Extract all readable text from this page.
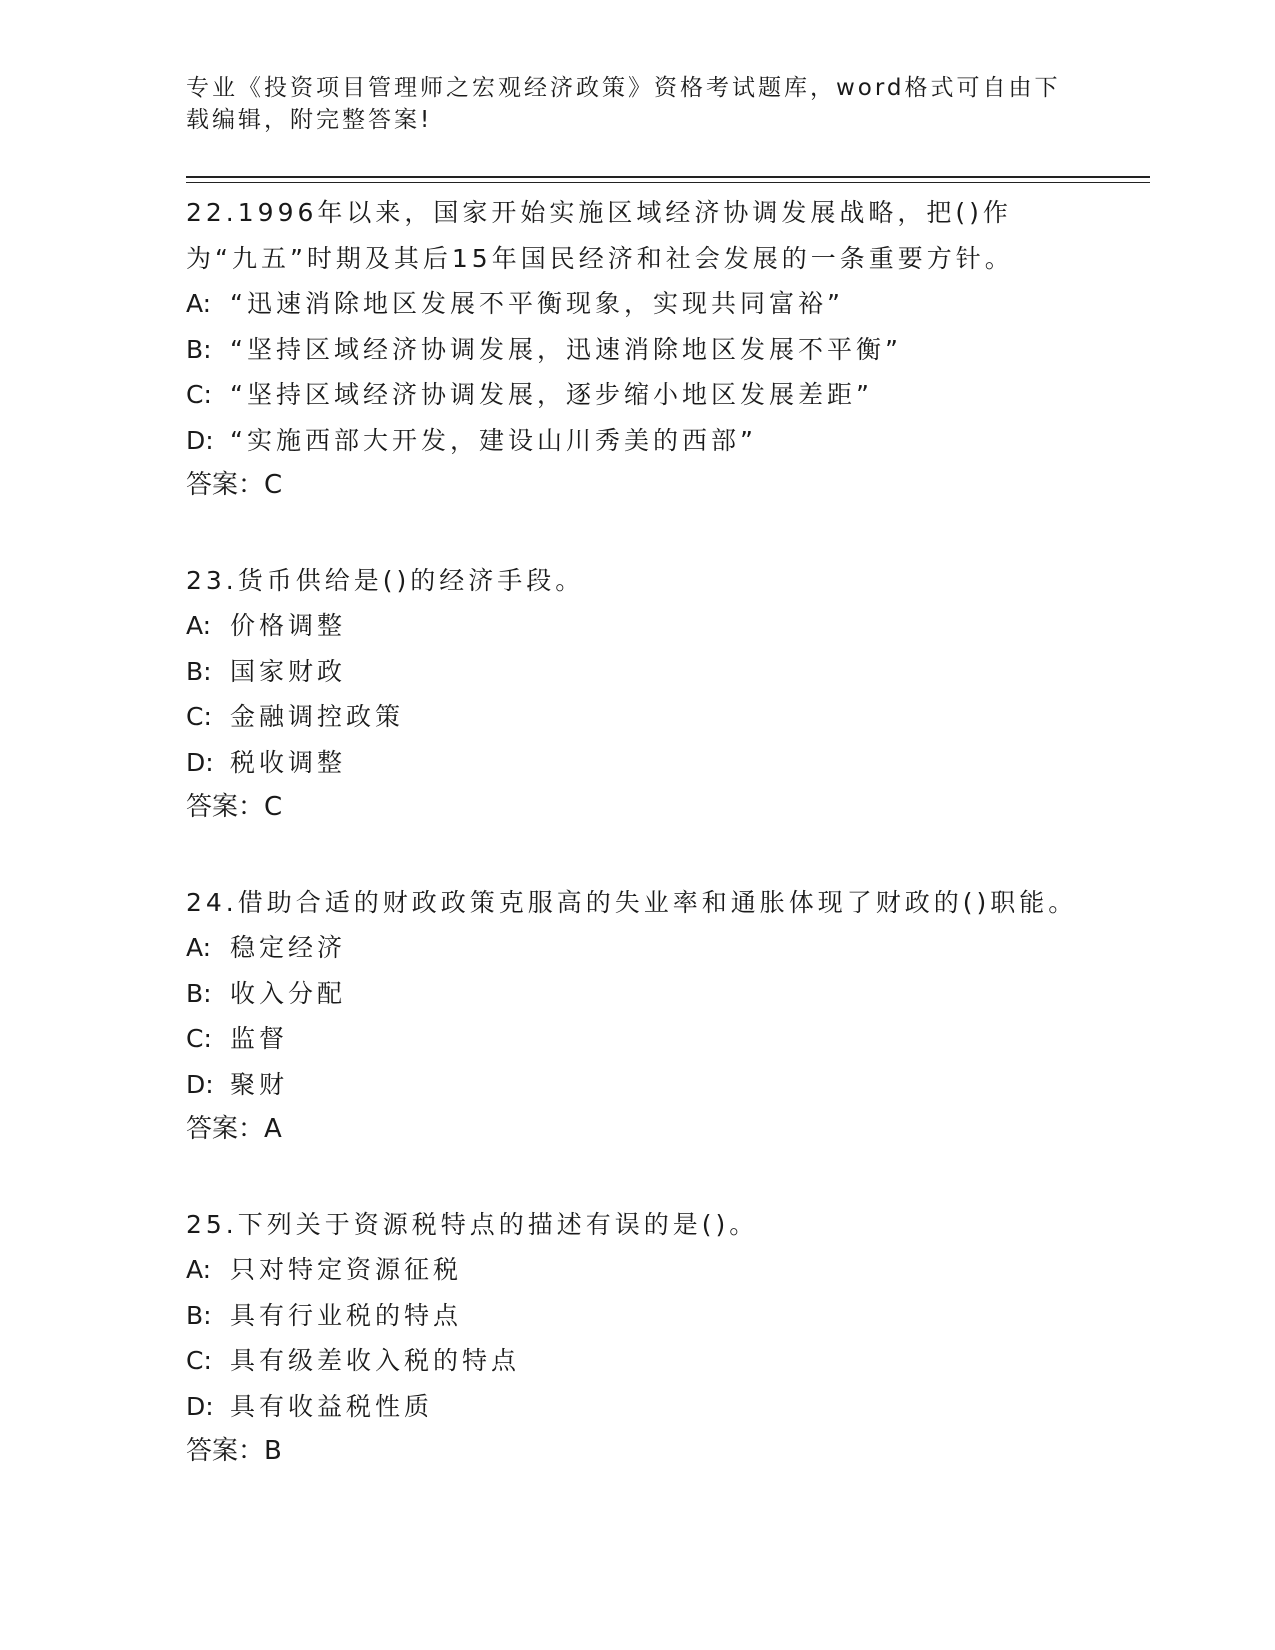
专业《投资项目管理师之宏观经济政策》资格考试题库，word格式可自由下载编辑，附完整答案!

22.1996年以来，国家开始实施区域经济协调发展战略，把()作为“九五”时期及其后15年国民经济和社会发展的一条重要方针。

A: “迅速消除地区发展不平衡现象，实现共同富裕”

B: “坚持区域经济协调发展，迅速消除地区发展不平衡”

C: “坚持区域经济协调发展，逐步缩小地区发展差距”

D: “实施西部大开发，建设山川秀美的西部”

答案：C

23.货币供给是()的经济手段。

A: 价格调整

B: 国家财政

C: 金融调控政策

D: 税收调整

答案：C

24.借助合适的财政政策克服高的失业率和通胀体现了财政的()职能。

A: 稳定经济

B: 收入分配

C: 监督

D: 聚财

答案：A

25.下列关于资源税特点的描述有误的是()。

A: 只对特定资源征税

B: 具有行业税的特点

C: 具有级差收入税的特点

D: 具有收益税性质

答案：B
